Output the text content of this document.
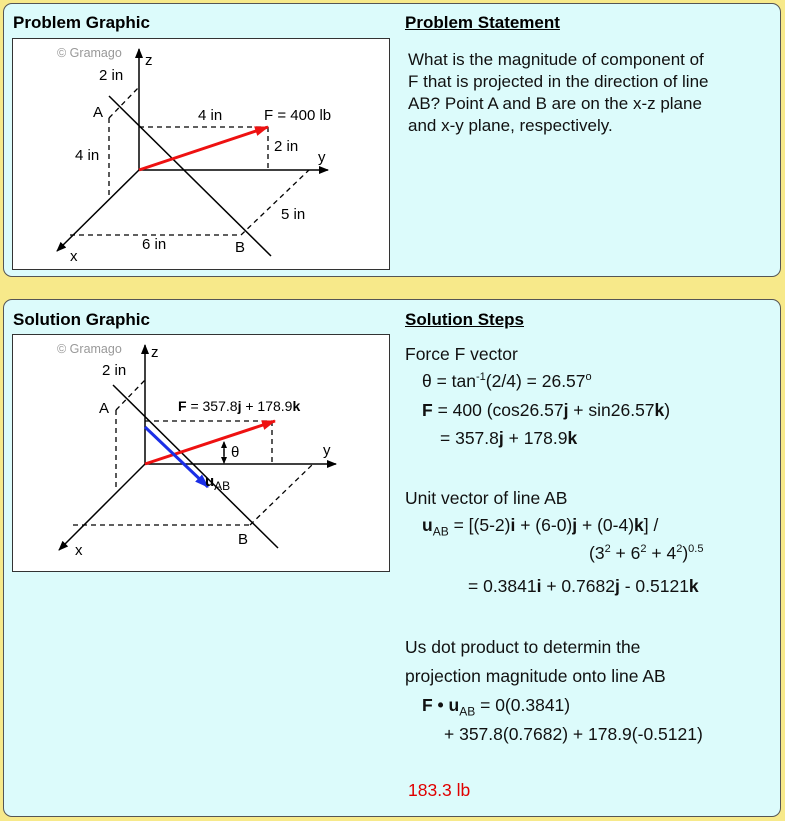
Problem Graphic	Problem Statement
© Gramago z
y
x
A
B
2 in
4 in
4 in
2 in
5 in
6 in
F = 400 lb
What is the magnitude of component of
F that is projected in the direction of line
AB? Point A and B are on the x-z plane
and x-y plane, respectively.
Solution Graphic	Solution Steps
© Gramago z
y
x
A
B
2 in
θ
F = 357.8j + 178.9k
$u_{AB}$
Force F vector
$\theta = \tan^{-1}(2/4) = 26.57^o$
F = 400 (cos26.57j + sin26.57k)
= 357.8j + 178.9k
Unit vector of line AB
$u_{AB} = [(5-2)i + (6-0)j + (0-4)k]$ /
$(3^2 + 6^2 + 4^2)^{0.5}$
= 0.3841i + 0.7682j - 0.5121k
Us dot product to determin the
projection magnitude onto line AB
F • $u_{AB} = 0(0.3841)$
+ 357.8(0.7682) + 178.9(-0.5121)
183.3 lb
